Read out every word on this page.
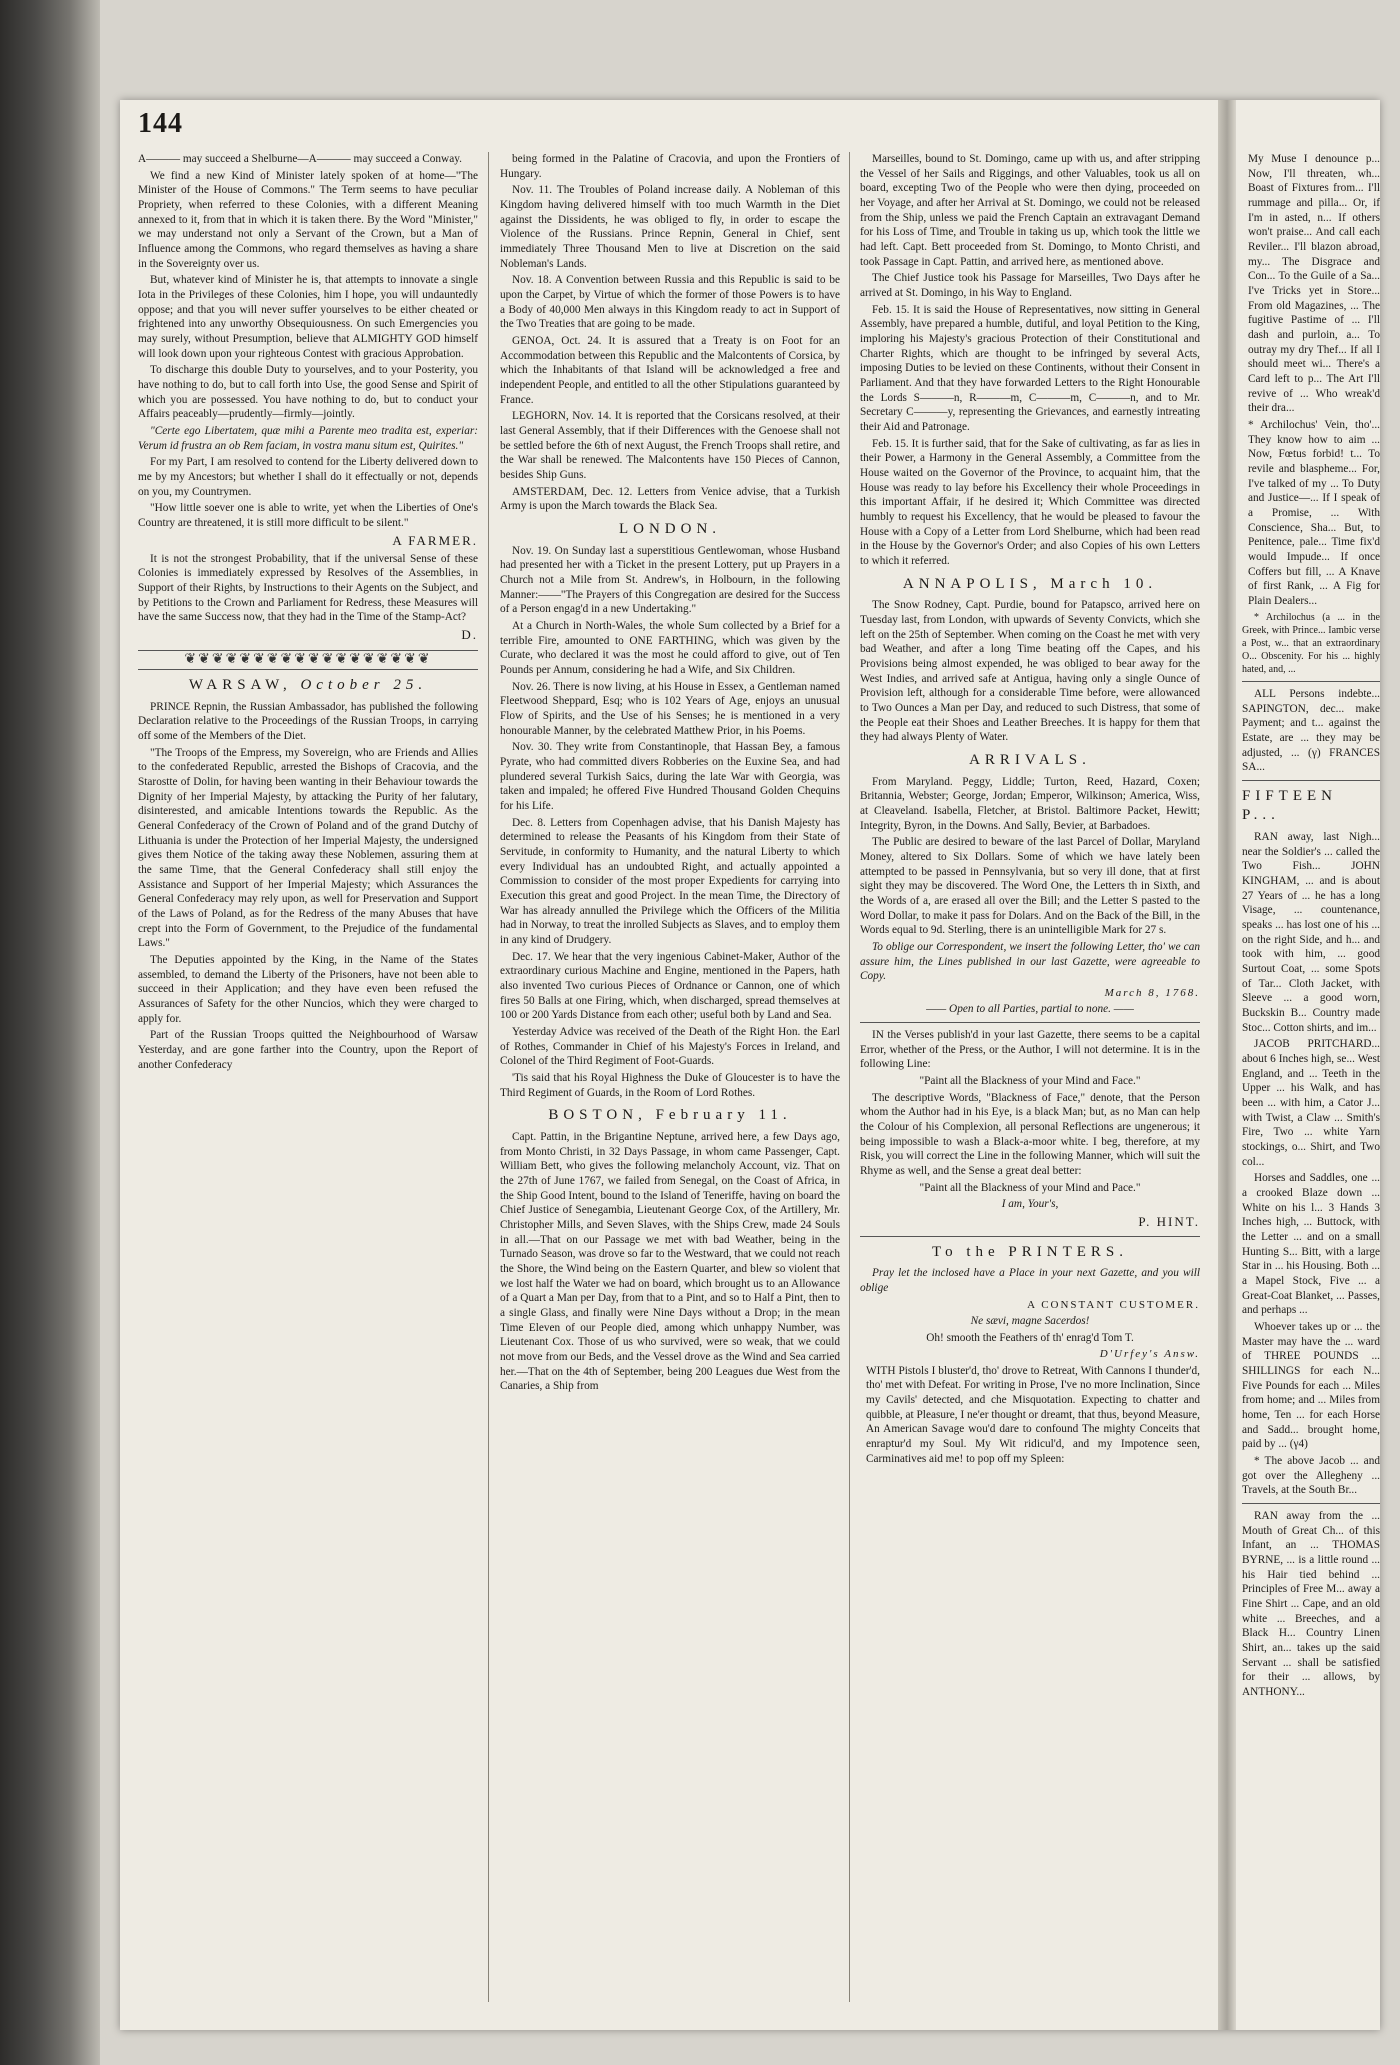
144

A——— may succeed a Shelburne—A——— may succeed a Conway.

We find a new Kind of Minister lately spoken of at home—"The Minister of the House of Commons." The Term seems to have peculiar Propriety, when referred to these Colonies, with a different Meaning annexed to it, from that in which it is taken there. By the Word "Minister," we may understand not only a Servant of the Crown, but a Man of Influence among the Commons, who regard themselves as having a share in the Sovereignty over us.

But, whatever kind of Minister he is, that attempts to innovate a single Iota in the Privileges of these Colonies, him I hope, you will undauntedly oppose; and that you will never suffer yourselves to be either cheated or frightened into any unworthy Obsequiousness. On such Emergencies you may surely, without Presumption, believe that ALMIGHTY GOD himself will look down upon your righteous Contest with gracious Approbation.

To discharge this double Duty to yourselves, and to your Posterity, you have nothing to do, but to call forth into Use, the good Sense and Spirit of which you are possessed. You have nothing to do, but to conduct your Affairs peaceably—prudently—firmly—jointly.

"Certe ego Libertatem, quæ mihi a Parente meo tradita est, experiar: Verum id frustra an ob Rem faciam, in vostra manu situm est, Quirites."

For my Part, I am resolved to contend for the Liberty delivered down to me by my Ancestors; but whether I shall do it effectually or not, depends on you, my Countrymen.

"How little soever one is able to write, yet when the Liberties of One's Country are threatened, it is still more difficult to be silent."

A FARMER.

It is not the strongest Probability, that if the universal Sense of these Colonies is immediately expressed by Resolves of the Assemblies, in Support of their Rights, by Instructions to their Agents on the Subject, and by Petitions to the Crown and Parliament for Redress, these Measures will have the same Success now, that they had in the Time of the Stamp-Act?

D.
❦❦❦❦❦❦❦❦❦❦❦❦❦❦❦❦❦❦
WARSAW, October 25.

PRINCE Repnin, the Russian Ambassador, has published the following Declaration relative to the Proceedings of the Russian Troops, in carrying off some of the Members of the Diet.

"The Troops of the Empress, my Sovereign, who are Friends and Allies to the confederated Republic, arrested the Bishops of Cracovia, and the Starostte of Dolin, for having been wanting in their Behaviour towards the Dignity of her Imperial Majesty, by attacking the Purity of her falutary, disinterested, and amicable Intentions towards the Republic. As the General Confederacy of the Crown of Poland and of the grand Dutchy of Lithuania is under the Protection of her Imperial Majesty, the undersigned gives them Notice of the taking away these Noblemen, assuring them at the same Time, that the General Confederacy shall still enjoy the Assistance and Support of her Imperial Majesty; which Assurances the General Confederacy may rely upon, as well for Preservation and Support of the Laws of Poland, as for the Redress of the many Abuses that have crept into the Form of Government, to the Prejudice of the fundamental Laws."

The Deputies appointed by the King, in the Name of the States assembled, to demand the Liberty of the Prisoners, have not been able to succeed in their Application; and they have even been refused the Assurances of Safety for the other Nuncios, which they were charged to apply for.

Part of the Russian Troops quitted the Neighbourhood of Warsaw Yesterday, and are gone farther into the Country, upon the Report of another Confederacy

being formed in the Palatine of Cracovia, and upon the Frontiers of Hungary.

Nov. 11. The Troubles of Poland increase daily. A Nobleman of this Kingdom having delivered himself with too much Warmth in the Diet against the Dissidents, he was obliged to fly, in order to escape the Violence of the Russians. Prince Repnin, General in Chief, sent immediately Three Thousand Men to live at Discretion on the said Nobleman's Lands.

Nov. 18. A Convention between Russia and this Republic is said to be upon the Carpet, by Virtue of which the former of those Powers is to have a Body of 40,000 Men always in this Kingdom ready to act in Support of the Two Treaties that are going to be made.

GENOA, Oct. 24. It is assured that a Treaty is on Foot for an Accommodation between this Republic and the Malcontents of Corsica, by which the Inhabitants of that Island will be acknowledged a free and independent People, and entitled to all the other Stipulations guaranteed by France.

LEGHORN, Nov. 14. It is reported that the Corsicans resolved, at their last General Assembly, that if their Differences with the Genoese shall not be settled before the 6th of next August, the French Troops shall retire, and the War shall be renewed. The Malcontents have 150 Pieces of Cannon, besides Ship Guns.

AMSTERDAM, Dec. 12. Letters from Venice advise, that a Turkish Army is upon the March towards the Black Sea.

LONDON.

Nov. 19. On Sunday last a superstitious Gentlewoman, whose Husband had presented her with a Ticket in the present Lottery, put up Prayers in a Church not a Mile from St. Andrew's, in Holbourn, in the following Manner:——"The Prayers of this Congregation are desired for the Success of a Person engag'd in a new Undertaking."

At a Church in North-Wales, the whole Sum collected by a Brief for a terrible Fire, amounted to ONE FARTHING, which was given by the Curate, who declared it was the most he could afford to give, out of Ten Pounds per Annum, considering he had a Wife, and Six Children.

Nov. 26. There is now living, at his House in Essex, a Gentleman named Fleetwood Sheppard, Esq; who is 102 Years of Age, enjoys an unusual Flow of Spirits, and the Use of his Senses; he is mentioned in a very honourable Manner, by the celebrated Matthew Prior, in his Poems.

Nov. 30. They write from Constantinople, that Hassan Bey, a famous Pyrate, who had committed divers Robberies on the Euxine Sea, and had plundered several Turkish Saics, during the late War with Georgia, was taken and impaled; he offered Five Hundred Thousand Golden Chequins for his Life.

Dec. 8. Letters from Copenhagen advise, that his Danish Majesty has determined to release the Peasants of his Kingdom from their State of Servitude, in conformity to Humanity, and the natural Liberty to which every Individual has an undoubted Right, and actually appointed a Commission to consider of the most proper Expedients for carrying into Execution this great and good Project. In the mean Time, the Directory of War has already annulled the Privilege which the Officers of the Militia had in Norway, to treat the inrolled Subjects as Slaves, and to employ them in any kind of Drudgery.

Dec. 17. We hear that the very ingenious Cabinet-Maker, Author of the extraordinary curious Machine and Engine, mentioned in the Papers, hath also invented Two curious Pieces of Ordnance or Cannon, one of which fires 50 Balls at one Firing, which, when discharged, spread themselves at 100 or 200 Yards Distance from each other; useful both by Land and Sea.

Yesterday Advice was received of the Death of the Right Hon. the Earl of Rothes, Commander in Chief of his Majesty's Forces in Ireland, and Colonel of the Third Regiment of Foot-Guards.

'Tis said that his Royal Highness the Duke of Gloucester is to have the Third Regiment of Guards, in the Room of Lord Rothes.

BOSTON, February 11.

Capt. Pattin, in the Brigantine Neptune, arrived here, a few Days ago, from Monto Christi, in 32 Days Passage, in whom came Passenger, Capt. William Bett, who gives the following melancholy Account, viz. That on the 27th of June 1767, we failed from Senegal, on the Coast of Africa, in the Ship Good Intent, bound to the Island of Teneriffe, having on board the Chief Justice of Senegambia, Lieutenant George Cox, of the Artillery, Mr. Christopher Mills, and Seven Slaves, with the Ships Crew, made 24 Souls in all.—That on our Passage we met with bad Weather, being in the Turnado Season, was drove so far to the Westward, that we could not reach the Shore, the Wind being on the Eastern Quarter, and blew so violent that we lost half the Water we had on board, which brought us to an Allowance of a Quart a Man per Day, from that to a Pint, and so to Half a Pint, then to a single Glass, and finally were Nine Days without a Drop; in the mean Time Eleven of our People died, among which unhappy Number, was Lieutenant Cox. Those of us who survived, were so weak, that we could not move from our Beds, and the Vessel drove as the Wind and Sea carried her.—That on the 4th of September, being 200 Leagues due West from the Canaries, a Ship from

Marseilles, bound to St. Domingo, came up with us, and after stripping the Vessel of her Sails and Riggings, and other Valuables, took us all on board, excepting Two of the People who were then dying, proceeded on her Voyage, and after her Arrival at St. Domingo, we could not be released from the Ship, unless we paid the French Captain an extravagant Demand for his Loss of Time, and Trouble in taking us up, which took the little we had left. Capt. Bett proceeded from St. Domingo, to Monto Christi, and took Passage in Capt. Pattin, and arrived here, as mentioned above.

The Chief Justice took his Passage for Marseilles, Two Days after he arrived at St. Domingo, in his Way to England.

Feb. 15. It is said the House of Representatives, now sitting in General Assembly, have prepared a humble, dutiful, and loyal Petition to the King, imploring his Majesty's gracious Protection of their Constitutional and Charter Rights, which are thought to be infringed by several Acts, imposing Duties to be levied on these Continents, without their Consent in Parliament. And that they have forwarded Letters to the Right Honourable the Lords S———n, R———m, C———m, C———n, and to Mr. Secretary C———y, representing the Grievances, and earnestly intreating their Aid and Patronage.

Feb. 15. It is further said, that for the Sake of cultivating, as far as lies in their Power, a Harmony in the General Assembly, a Committee from the House waited on the Governor of the Province, to acquaint him, that the House was ready to lay before his Excellency their whole Proceedings in this important Affair, if he desired it; Which Committee was directed humbly to request his Excellency, that he would be pleased to favour the House with a Copy of a Letter from Lord Shelburne, which had been read in the House by the Governor's Order; and also Copies of his own Letters to which it referred.

ANNAPOLIS, March 10.

The Snow Rodney, Capt. Purdie, bound for Patapsco, arrived here on Tuesday last, from London, with upwards of Seventy Convicts, which she left on the 25th of September. When coming on the Coast he met with very bad Weather, and after a long Time beating off the Capes, and his Provisions being almost expended, he was obliged to bear away for the West Indies, and arrived safe at Antigua, having only a single Ounce of Provision left, although for a considerable Time before, were allowanced to Two Ounces a Man per Day, and reduced to such Distress, that some of the People eat their Shoes and Leather Breeches. It is happy for them that they had always Plenty of Water.

ARRIVALS.

From Maryland. Peggy, Liddle; Turton, Reed, Hazard, Coxen; Britannia, Webster; George, Jordan; Emperor, Wilkinson; America, Wiss, at Cleaveland. Isabella, Fletcher, at Bristol. Baltimore Packet, Hewitt; Integrity, Byron, in the Downs. And Sally, Bevier, at Barbadoes.

The Public are desired to beware of the last Parcel of Dollar, Maryland Money, altered to Six Dollars. Some of which we have lately been attempted to be passed in Pennsylvania, but so very ill done, that at first sight they may be discovered. The Word One, the Letters th in Sixth, and the Words of a, are erased all over the Bill; and the Letter S pasted to the Word Dollar, to make it pass for Dolars. And on the Back of the Bill, in the Words equal to 9d. Sterling, there is an unintelligible Mark for 27 s.

To oblige our Correspondent, we insert the following Letter, tho' we can assure him, the Lines published in our last Gazette, were agreeable to Copy.

March 8, 1768.

—— Open to all Parties, partial to none. ——

IN the Verses publish'd in your last Gazette, there seems to be a capital Error, whether of the Press, or the Author, I will not determine. It is in the following Line:

"Paint all the Blackness of your Mind and Face."

The descriptive Words, "Blackness of Face," denote, that the Person whom the Author had in his Eye, is a black Man; but, as no Man can help the Colour of his Complexion, all personal Reflections are ungenerous; it being impossible to wash a Black-a-moor white. I beg, therefore, at my Risk, you will correct the Line in the following Manner, which will suit the Rhyme as well, and the Sense a great deal better:

"Paint all the Blackness of your Mind and Pace."

I am, Your's,

P. HINT.
To the PRINTERS.

Pray let the inclosed have a Place in your next Gazette, and you will oblige

A CONSTANT CUSTOMER.

Ne sævi, magne Sacerdos!

Oh! smooth the Feathers of th' enrag'd Tom T.

D'Urfey's Answ.

WITH Pistols I bluster'd, tho' drove to Retreat, With Cannons I thunder'd, tho' met with Defeat. For writing in Prose, I've no more Inclination, Since my Cavils' detected, and che Misquotation. Expecting to chatter and quibble, at Pleasure, I ne'er thought or dreamt, that thus, beyond Measure, An American Savage wou'd dare to confound The mighty Conceits that enraptur'd my Soul. My Wit ridicul'd, and my Impotence seen, Carminatives aid me! to pop off my Spleen:

My Muse I denounce p... Now, I'll threaten, wh... Boast of Fixtures from... I'll rummage and pilla... Or, if I'm in asted, n... If others won't praise... And call each Reviler... I'll blazon abroad, my... The Disgrace and Con... To the Guile of a Sa... I've Tricks yet in Store... From old Magazines, ... The fugitive Pastime of ... I'll dash and purloin, a... To outray my dry Thef... If all I should meet wi... There's a Card left to p... The Art I'll revive of ... Who wreak'd their dra...

* Archilochus' Vein, tho'... They know how to aim ... Now, Fœtus forbid! t... To revile and blaspheme... For, I've talked of my ... To Duty and Justice—... If I speak of a Promise, ... With Conscience, Sha... But, to Penitence, pale... Time fix'd would Impude... If once Coffers but fill, ... A Knave of first Rank, ... A Fig for Plain Dealers...

* Archilochus (a ... in the Greek, with Prince... Iambic verse a Post, w... that an extraordinary O... Obscenity. For his ... highly hated, and, ...

ALL Persons indebte... SAPINGTON, dec... make Payment; and t... against the Estate, are ... they may be adjusted, ... (γ) FRANCES SA...

FIFTEEN P...

RAN away, last Nigh... near the Soldier's ... called the Two Fish... JOHN KINGHAM, ... and is about 27 Years of ... he has a long Visage, ... countenance, speaks ... has lost one of his ... on the right Side, and h... and took with him, ... good Surtout Coat, ... some Spots of Tar... Cloth Jacket, with Sleeve ... a good worn, Buckskin B... Country made Stoc... Cotton shirts, and im...

JACOB PRITCHARD... about 6 Inches high, se... West England, and ... Teeth in the Upper ... his Walk, and has been ... with him, a Cator J... with Twist, a Claw ... Smith's Fire, Two ... white Yarn stockings, o... Shirt, and Two col...

Horses and Saddles, one ... a crooked Blaze down ... White on his l... 3 Hands 3 Inches high, ... Buttock, with the Letter ... and on a small Hunting S... Bitt, with a large Star in ... his Housing. Both ... a Mapel Stock, Five ... a Great-Coat Blanket, ... Passes, and perhaps ...

Whoever takes up or ... the Master may have the ... ward of THREE POUNDS ... SHILLINGS for each N... Five Pounds for each ... Miles from home; and ... Miles from home, Ten ... for each Horse and Sadd... brought home, paid by ... (γ4)

* The above Jacob ... and got over the Allegheny ... Travels, at the South Br...

RAN away from the ... Mouth of Great Ch... of this Infant, an ... THOMAS BYRNE, ... is a little round ... his Hair tied behind ... Principles of Free M... away a Fine Shirt ... Cape, and an old white ... Breeches, and a Black H... Country Linen Shirt, an... takes up the said Servant ... shall be satisfied for their ... allows, by ANTHONY...
